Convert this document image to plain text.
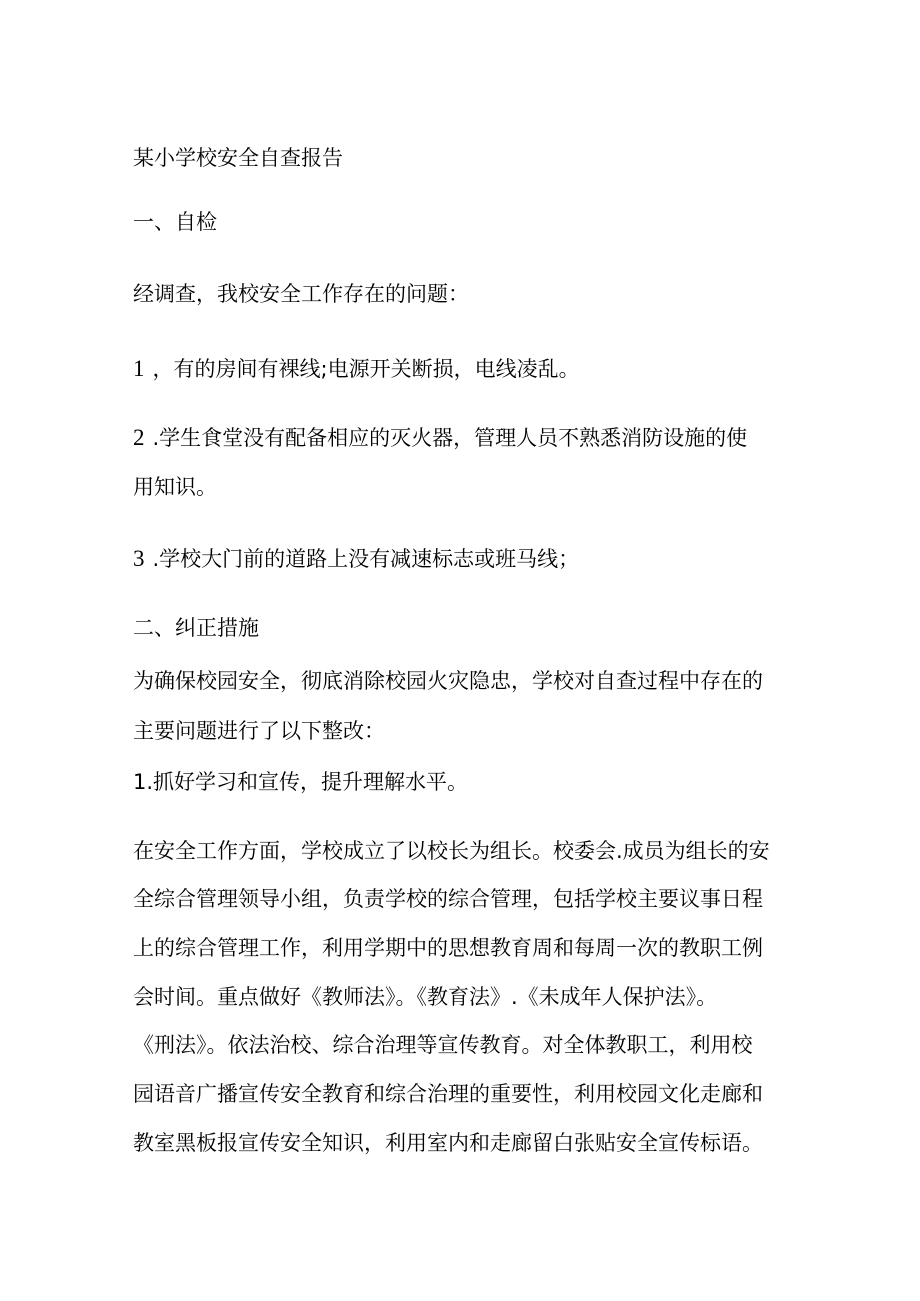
某小学校安全自查报告
一、自检
经调查，我校安全工作存在的问题：
1 ，有的房间有裸线;电源开关断损，电线凌乱。
2 .学生食堂没有配备相应的灭火器，管理人员不熟悉消防设施的使
用知识。
3 .学校大门前的道路上没有减速标志或班马线；
二、纠正措施
为确保校园安全，彻底消除校园火灾隐忠，学校对自查过程中存在的
主要问题进行了以下整改：
1.抓好学习和宣传，提升理解水平。
在安全工作方面，学校成立了以校长为组长。校委会.成员为组长的安
全综合管理领导小组，负责学校的综合管理，包括学校主要议事日程
上的综合管理工作，利用学期中的思想教育周和每周一次的教职工例
会时间。重点做好《教师法》。《教育法》.《未成年人保护法》。
《刑法》。依法治校、综合治理等宣传教育。对全体教职工，利用校
园语音广播宣传安全教育和综合治理的重要性，利用校园文化走廊和
教室黑板报宣传安全知识，利用室内和走廊留白张贴安全宣传标语。
